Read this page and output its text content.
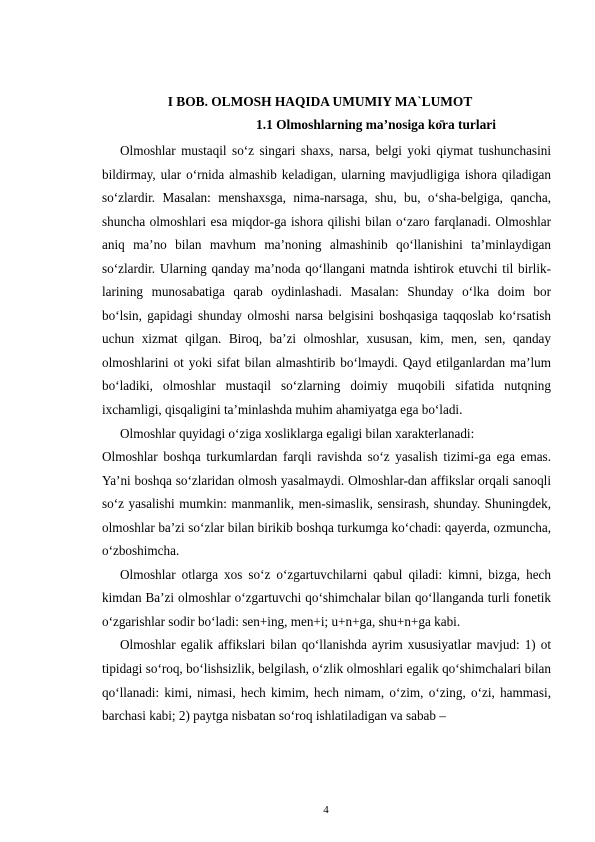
I BOB. OLMOSH HAQIDA UMUMIY MA`LUMOT
1.1 Olmoshlarning ma’nosiga kо̄ra turlari

Olmoshlar mustaqil so‘z singari shaxs, narsa, belgi yoki qiymat tushunchasini bildirmay, ular o‘rnida almashib keladigan, ularning mavjudligiga ishora qiladigan so‘zlardir. Masalan: menshaxsga, nima-narsaga, shu, bu, o‘sha-belgiga, qancha, shuncha olmoshlari esa miqdor-ga ishora qilishi bilan o‘zaro farqlanadi. Olmoshlar aniq ma’no bilan mavhum ma’noning almashinib qo‘llanishini ta’minlaydigan so‘zlardir. Ularning qanday ma’noda qo‘llangani matnda ishtirok etuvchi til birlik-larining munosabatiga qarab oydinlashadi. Masalan: Shunday o‘lka doim bor bo‘lsin, gapidagi shunday olmoshi narsa belgisini boshqasiga taqqoslab ko‘rsatish uchun xizmat qilgan. Biroq, ba’zi olmoshlar, xususan, kim, men, sen, qanday olmoshlarini ot yoki sifat bilan almashtirib bo‘lmaydi. Qayd etilganlardan ma’lum bo‘ladiki, olmoshlar mustaqil so‘zlarning doimiy muqobili sifatida nutqning ixchamligi, qisqaligini ta’minlashda muhim ahamiyatga ega bo‘ladi.

Olmoshlar quyidagi o‘ziga xosliklarga egaligi bilan xarakterlanadi:

Olmoshlar boshqa turkumlardan farqli ravishda so‘z yasalish tizimi-ga ega emas. Ya’ni boshqa so‘zlaridan olmosh yasalmaydi. Olmoshlar-dan affikslar orqali sanoqli so‘z yasalishi mumkin: manmanlik, men-simaslik, sensirash, shunday. Shuningdek, olmoshlar ba’zi so‘zlar bilan birikib boshqa turkumga ko‘chadi: qayerda, ozmuncha, o‘zboshimcha.

Olmoshlar otlarga xos so‘z o‘zgartuvchilarni qabul qiladi: kimni, bizga, hech kimdan Ba’zi olmoshlar o‘zgartuvchi qo‘shimchalar bilan qo‘llanganda turli fonetik o‘zgarishlar sodir bo‘ladi: sen+ing, men+i; u+n+ga, shu+n+ga kabi.

Olmoshlar egalik affikslari bilan qo‘llanishda ayrim xususiyatlar mavjud: 1) ot tipidagi so‘roq, bo‘lishsizlik, belgilash, o‘zlik olmoshlari egalik qo‘shimchalari bilan qo‘llanadi: kimi, nimasi, hech kimim, hech nimam, o‘zim, o‘zing, o‘zi, hammasi, barchasi kabi; 2) paytga nisbatan so‘roq ishlatiladigan va sabab –

4
